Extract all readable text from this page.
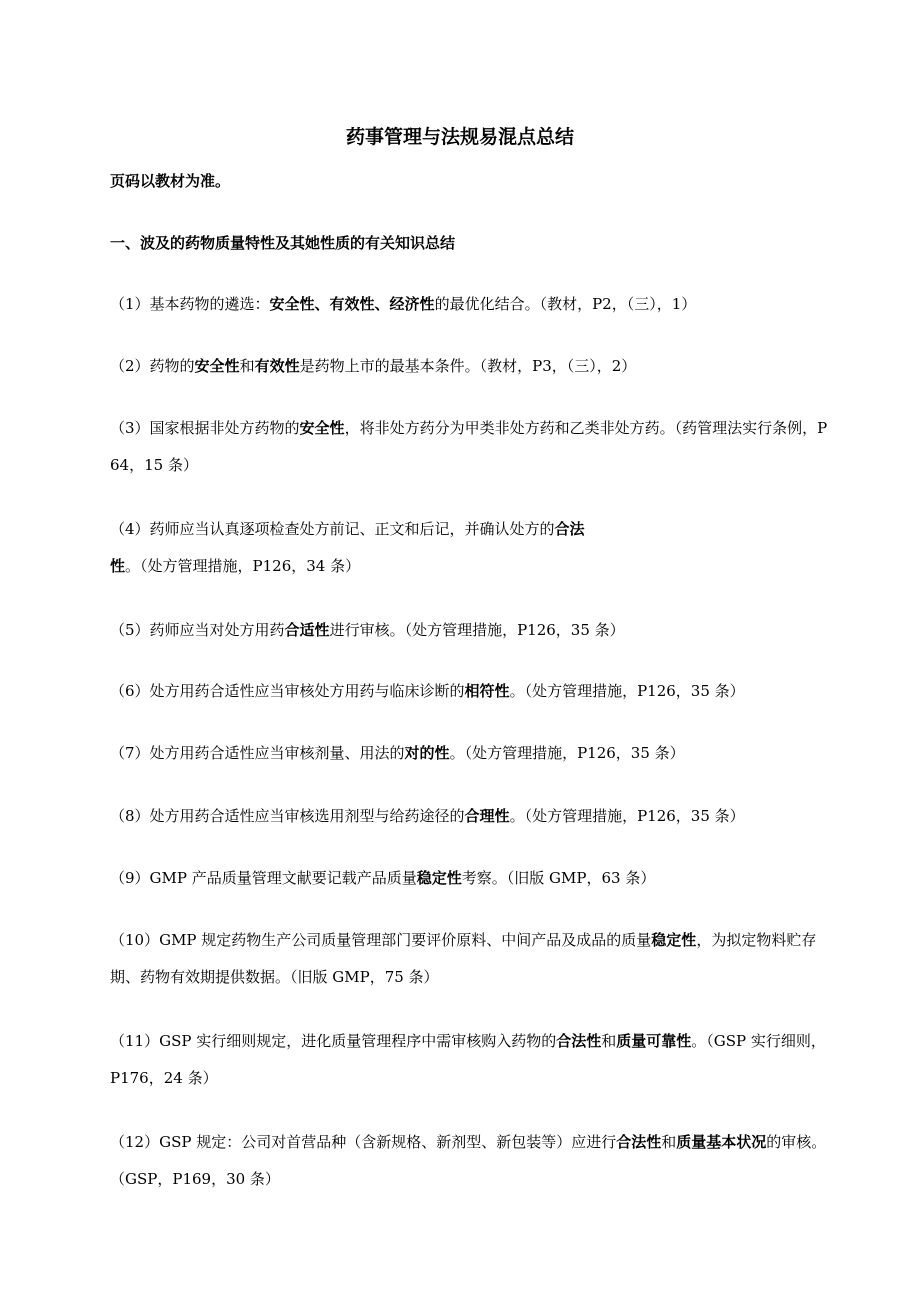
药事管理与法规易混点总结

页码以教材为准。

一、波及的药物质量特性及其她性质的有关知识总结

（1）基本药物的遴选：安全性、有效性、经济性的最优化结合。（教材，P2，（三），1）

（2）药物的安全性和有效性是药物上市的最基本条件。（教材，P3，（三），2）

（3）国家根据非处方药物的安全性，将非处方药分为甲类非处方药和乙类非处方药。（药管理法实行条例，P64，15 条）

（4）药师应当认真逐项检查处方前记、正文和后记，并确认处方的合法性。（处方管理措施，P126，34 条）

（5）药师应当对处方用药合适性进行审核。（处方管理措施，P126，35 条）

（6）处方用药合适性应当审核处方用药与临床诊断的相符性。（处方管理措施，P126，35 条）

（7）处方用药合适性应当审核剂量、用法的对的性。（处方管理措施，P126，35 条）

（8）处方用药合适性应当审核选用剂型与给药途径的合理性。（处方管理措施，P126，35 条）

（9）GMP 产品质量管理文献要记载产品质量稳定性考察。（旧版 GMP，63 条）

（10）GMP 规定药物生产公司质量管理部门要评价原料、中间产品及成品的质量稳定性，为拟定物料贮存期、药物有效期提供数据。（旧版 GMP，75 条）

（11）GSP 实行细则规定，进化质量管理程序中需审核购入药物的合法性和质量可靠性。（GSP 实行细则，P176，24 条）

（12）GSP 规定：公司对首营品种（含新规格、新剂型、新包装等）应进行合法性和质量基本状况的审核。（GSP，P169，30 条）
